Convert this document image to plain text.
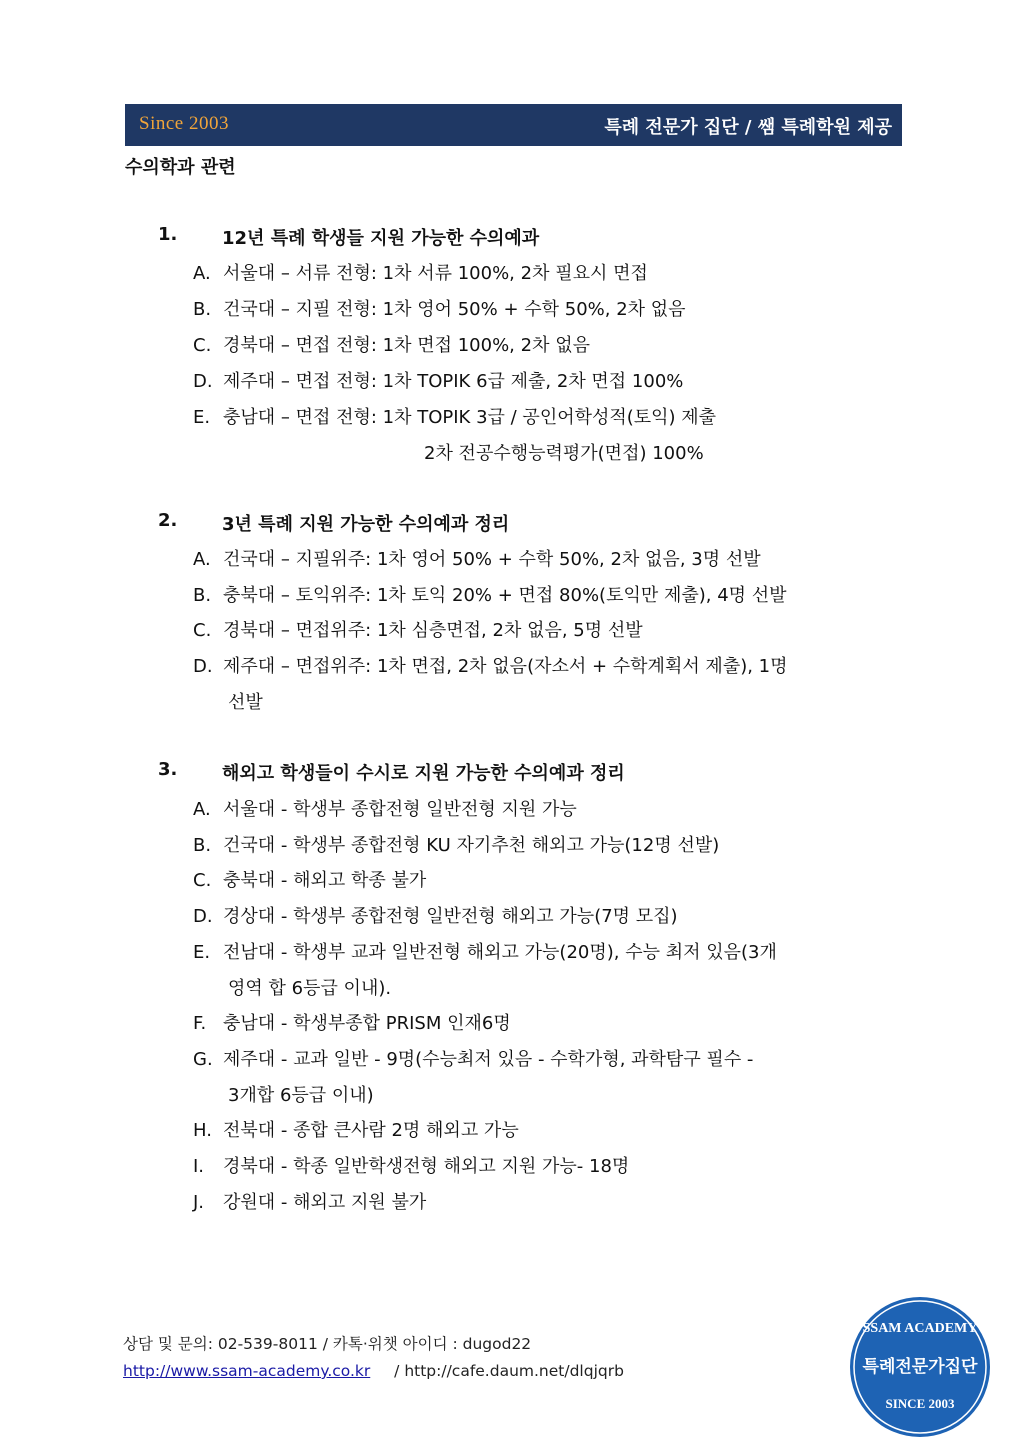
Since 2003	특례 전문가 집단 / 쌤 특례학원 제공
수의학과 관련
1. 12년 특례 학생들 지원 가능한 수의예과
A. 서울대 – 서류 전형: 1차 서류 100%, 2차 필요시 면접
B. 건국대 – 지필 전형: 1차 영어 50% + 수학 50%, 2차 없음
C. 경북대 – 면접 전형: 1차 면접 100%, 2차 없음
D. 제주대 – 면접 전형: 1차 TOPIK 6급 제출, 2차 면접 100%
E. 충남대 – 면접 전형: 1차 TOPIK 3급 / 공인어학성적(토익) 제출
2차 전공수행능력평가(면접) 100%
2. 3년 특례 지원 가능한 수의예과 정리
A. 건국대 – 지필위주: 1차 영어 50% + 수학 50%, 2차 없음, 3명 선발
B. 충북대 – 토익위주: 1차 토익 20% + 면접 80%(토익만 제출), 4명 선발
C. 경북대 – 면접위주: 1차 심층면접, 2차 없음, 5명 선발
D. 제주대 – 면접위주: 1차 면접, 2차 없음(자소서 + 수학계획서 제출), 1명
선발
3. 해외고 학생들이 수시로 지원 가능한 수의예과 정리
A. 서울대 - 학생부 종합전형 일반전형 지원 가능
B. 건국대 - 학생부 종합전형 KU 자기추천 해외고 가능(12명 선발)
C. 충북대 - 해외고 학종 불가
D. 경상대 - 학생부 종합전형 일반전형 해외고 가능(7명 모집)
E. 전남대 - 학생부 교과 일반전형 해외고 가능(20명), 수능 최저 있음(3개
영역 합 6등급 이내).
F. 충남대 - 학생부종합 PRISM 인재6명
G. 제주대 - 교과 일반 - 9명(수능최저 있음 - 수학가형, 과학탐구 필수 -
3개합 6등급 이내)
H. 전북대 - 종합 큰사람 2명 해외고 가능
I. 경북대 - 학종 일반학생전형 해외고 지원 가능- 18명
J. 강원대 - 해외고 지원 불가
상담 및 문의: 02-539-8011 / 카톡·위챗 아이디 : dugod22
http://www.ssam-academy.co.kr / http://cafe.daum.net/dlqjqrb
SSAM ACADEMY
특례전문가집단
SINCE 2003
